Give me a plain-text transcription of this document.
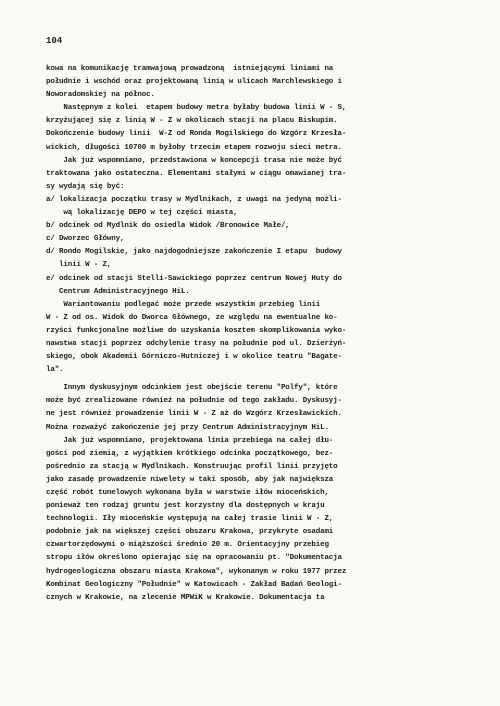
104
kowa na komunikację tramwajową prowadzoną  istniejącymi liniami na
południe i wschód oraz projektowaną linią w ulicach Marchlewskiego i
Noworadomskiej na północ.
Następnym z kolei  etapem budowy metra byłaby budowa linii W - S,
krzyżującej się z linią W - Z w okolicach stacji na placu Biskupim.
Dokończenie budowy linii  W-Z od Ronda Mogilskiego do Wzgórz Krzesła-
wickich, długości 10700 m byłoby trzecim etapem rozwoju sieci metra.
Jak już wspomniano, przedstawiona w koncepcji trasa nie może być
traktowana jako ostateczna. Elementami stałymi w ciągu omawianej tra-
sy wydają się być:
a/ lokalizacja początku trasy w Mydlnikach, z uwagi na jedyną możli-
wą lokalizację DEPO w tej części miasta,
b/ odcinek od Mydlnik do osiedla Widok /Bronowice Małe/,
c/ Dworzec Główny,
d/ Rondo Mogilskie, jako najdogodniejsze zakończenie I etapu  budowy
linii W - Z,
e/ odcinek od stacji Stelli-Sawickiego poprzez centrum Nowej Huty do
Centrum Administracyjnego HiL.
Wariantowaniu podlegać może przede wszystkim przebieg linii
W - Z od os. Widok do Dworca Głównego, ze względu na ewentualne ko-
rzyści funkcjonalne możliwe do uzyskania kosztem skomplikowania wyko-
nawstwa stacji poprzez odchylenie trasy na południe pod ul. Dzierżyń-
skiego, obok Akademii Górniczo-Hutniczej i w okolice teatru "Bagatе-
la".
Innym dyskusyjnym odcinkiem jest obejście terenu "Polfy", które
może być zrealizowane również na południe od tego zakładu. Dyskusyj-
ne jest również prowadzenie linii W - Z aż do Wzgórz Krzesławickich.
Można rozważyć zakończenie jej przy Centrum Administracyjnym HiL.
Jak już wspomniano, projektowana linia przebiega na całej dłu-
gości pod ziemią, z wyjątkiem krótkiego odcinka początkowego, bez-
pośrednio za stacją w Mydlnikach. Konstruując profil linii przyjęto
jako zasadę prowadzenie niwelety w taki sposób, aby jak największa
część robót tunelowych wykonana była w warstwie iłów mioceńskich,
ponieważ ten rodzaj gruntu jest korzystny dla dostępnych w kraju
technologii. Iły mioceńskie występują na całej trasie linii W - Z,
podobnie jak na większej części obszaru Krakowa, przykryte osadami
czwartorzędowymi o miąższości średnio 20 m. Orientacyjny przebieg
stropu iłów określono opierając się na opracowaniu pt. "Dokumentacja
hydrogeologiczna obszaru miasta Krakowa", wykonanym w roku 1977 przez
Kombinat Geologiczny "Południe" w Katowicach - Zakład Badań Geologi-
cznych w Krakowie, na zlecenie MPWiK w Krakowie. Dokumentacja ta
